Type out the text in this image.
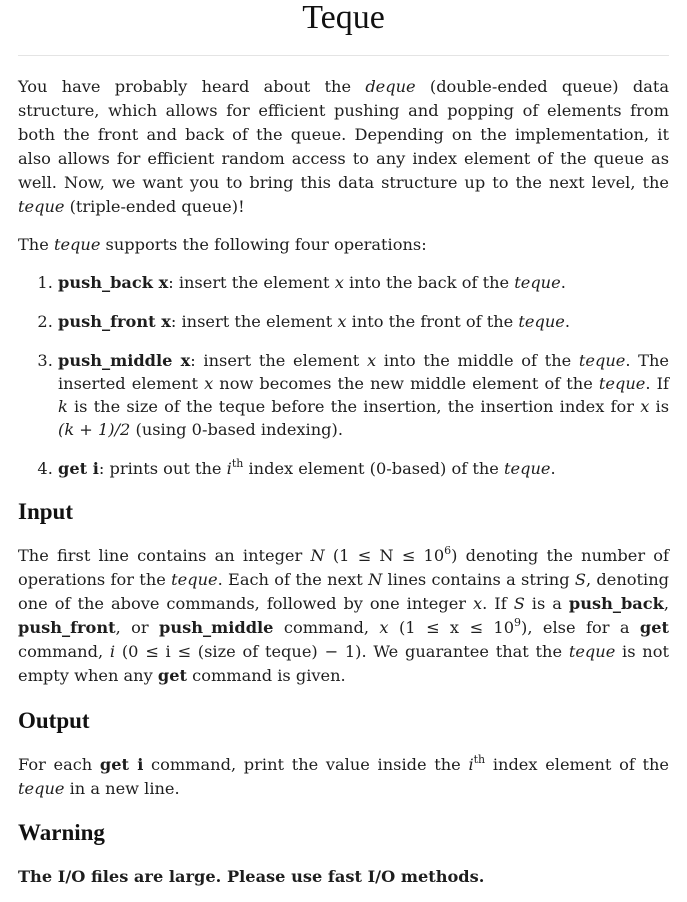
Teque

You have probably heard about the deque (double-ended queue) data structure, which allows for efficient pushing and popping of elements from both the front and back of the queue. Depending on the implementation, it also allows for efficient random access to any index element of the queue as well. Now, we want you to bring this data structure up to the next level, the teque (triple-ended queue)!

The teque supports the following four operations:

1. push_back x: insert the element x into the back of the teque.
2. push_front x: insert the element x into the front of the teque.
3. push_middle x: insert the element x into the middle of the teque. The inserted element x now becomes the new middle element of the teque. If k is the size of the teque before the insertion, the insertion index for x is (k + 1)/2 (using 0-based indexing).
4. get i: prints out the $i^{th}$ index element (0-based) of the teque.
Input

The first line contains an integer N $(1 \le N \le 10^6)$ denoting the number of operations for the teque. Each of the next N lines contains a string S, denoting one of the above commands, followed by one integer x. If S is a push_back, push_front, or push_middle command, x $(1 \le x \le 10^9)$, else for a get command, i (0 ≤ i ≤ (size of teque) − 1). We guarantee that the teque is not empty when any get command is given.

Output

For each get i command, print the value inside the $i^{th}$ index element of the teque in a new line.

Warning

The I/O files are large. Please use fast I/O methods.
